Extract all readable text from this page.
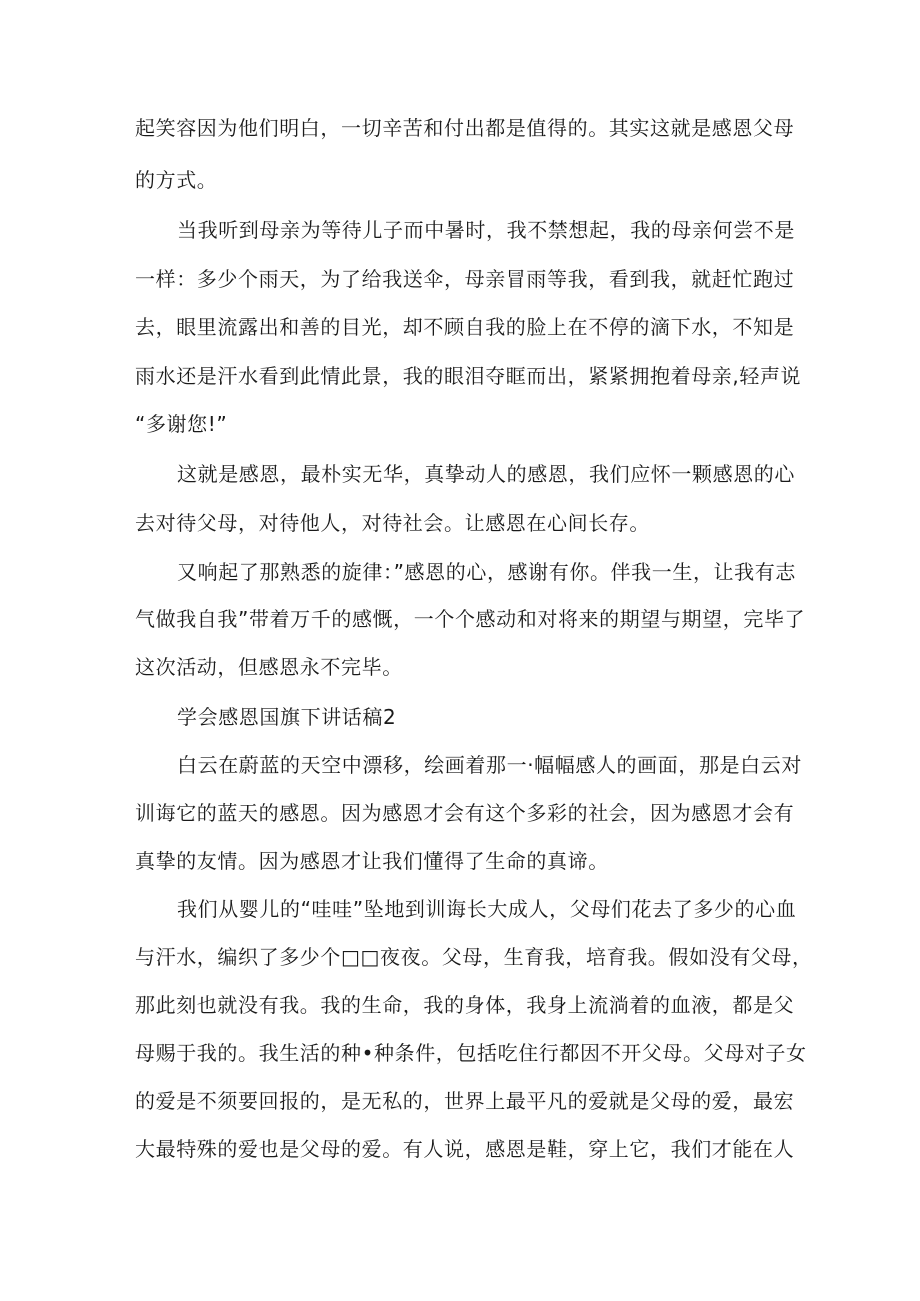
起笑容因为他们明白，一切辛苦和付出都是值得的。其实这就是感恩父母
的方式。
当我听到母亲为等待儿子而中暑时，我不禁想起，我的母亲何尝不是
一样：多少个雨天，为了给我送伞，母亲冒雨等我，看到我，就赶忙跑过
去，眼里流露出和善的目光，却不顾自我的脸上在不停的滴下水，不知是
雨水还是汗水看到此情此景，我的眼泪夺眶而出，紧紧拥抱着母亲,轻声说
“多谢您!”
这就是感恩，最朴实无华，真挚动人的感恩，我们应怀一颗感恩的心
去对待父母，对待他人，对待社会。让感恩在心间长存。
又响起了那熟悉的旋律：”感恩的心，感谢有你。伴我一生，让我有志
气做我自我”带着万千的感慨，一个个感动和对将来的期望与期望，完毕了
这次活动，但感恩永不完毕。
学会感恩国旗下讲话稿2
白云在蔚蓝的天空中漂移，绘画着那一·幅幅感人的画面，那是白云对
训诲它的蓝天的感恩。因为感恩才会有这个多彩的社会，因为感恩才会有
真挚的友情。因为感恩才让我们懂得了生命的真谛。
我们从婴儿的“哇哇”坠地到训诲长大成人，父母们花去了多少的心血
与汗水，编织了多少个□□夜夜。父母，生育我，培育我。假如没有父母，
那此刻也就没有我。我的生命，我的身体，我身上流淌着的血液，都是父
母赐于我的。我生活的种•种条件，包括吃住行都因不开父母。父母对子女
的爱是不须要回报的，是无私的，世界上最平凡的爱就是父母的爱，最宏
大最特殊的爱也是父母的爱。有人说，感恩是鞋，穿上它，我们才能在人
